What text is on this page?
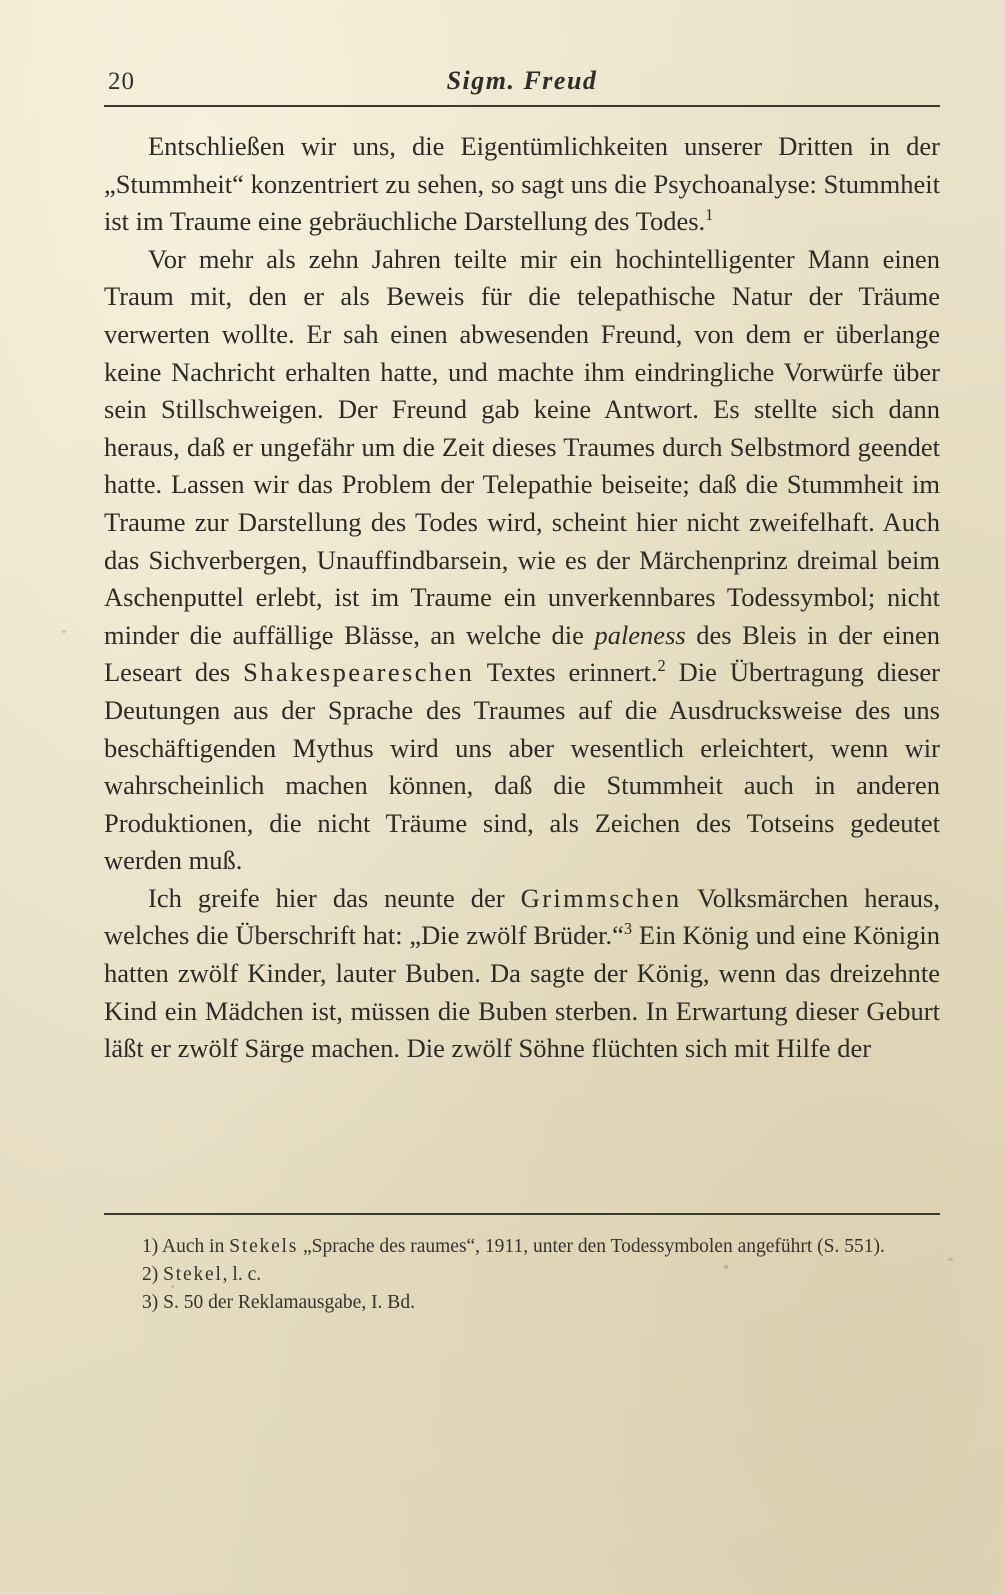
20	Sigm. Freud

Entschließen wir uns, die Eigentümlichkeiten unserer Dritten in der „Stummheit“ konzentriert zu sehen, so sagt uns die Psychoanalyse: Stummheit ist im Traume eine gebräuchliche Darstellung des Todes.$^1$

Vor mehr als zehn Jahren teilte mir ein hochintelligenter Mann einen Traum mit, den er als Beweis für die telepathische Natur der Träume verwerten wollte. Er sah einen abwesenden Freund, von dem er überlange keine Nachricht erhalten hatte, und machte ihm eindringliche Vorwürfe über sein Stillschweigen. Der Freund gab keine Antwort. Es stellte sich dann heraus, daß er ungefähr um die Zeit dieses Traumes durch Selbstmord geendet hatte. Lassen wir das Problem der Telepathie beiseite; daß die Stummheit im Traume zur Darstellung des Todes wird, scheint hier nicht zweifelhaft. Auch das Sichverbergen, Unauffindbarsein, wie es der Märchenprinz dreimal beim Aschenputtel erlebt, ist im Traume ein unverkennbares Todessymbol; nicht minder die auffällige Blässe, an welche die paleness des Bleis in der einen Leseart des Shakespeareschen Textes erinnert.$^2$ Die Übertragung dieser Deutungen aus der Sprache des Traumes auf die Ausdrucksweise des uns beschäftigenden Mythus wird uns aber wesentlich erleichtert, wenn wir wahrscheinlich machen können, daß die Stummheit auch in anderen Produktionen, die nicht Träume sind, als Zeichen des Totseins gedeutet werden muß.

Ich greife hier das neunte der Grimmschen Volksmärchen heraus, welches die Überschrift hat: „Die zwölf Brüder.“$^3$ Ein König und eine Königin hatten zwölf Kinder, lauter Buben. Da sagte der König, wenn das dreizehnte Kind ein Mädchen ist, müssen die Buben sterben. In Erwartung dieser Geburt läßt er zwölf Särge machen. Die zwölf Söhne flüchten sich mit Hilfe der

1) Auch in Stekels „Sprache des raumes“, 1911, unter den Todessymbolen angeführt (S. 551).

2) Stekel, l. c.

3) S. 50 der Reklamausgabe, I. Bd.
